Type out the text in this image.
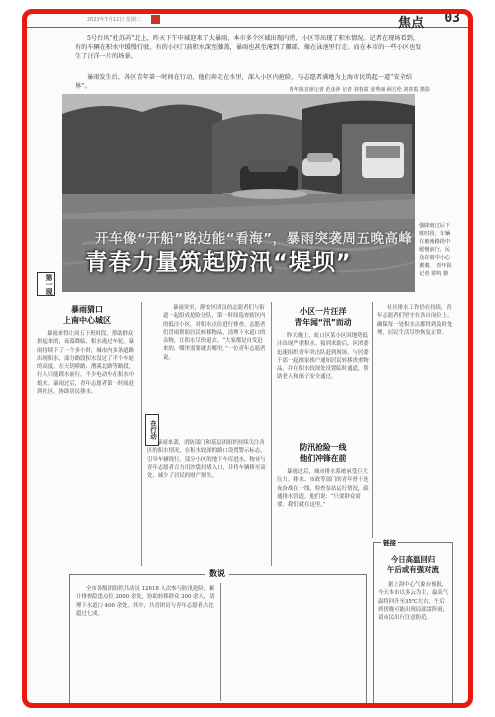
2023年7月12日 星期三	焦点 03

5号台风“杜苏芮”北上，昨天下午申城迎来了大暴雨，本市多个区域出现内涝，小区等出现了积水情况。记者在现场看到，有的车辆在积水中缓慢行驶，有的小区门前积水深至膝盖，暴雨也甚至淹到了腰部，像在泳池里行走。而在本市的一些小区也发生了汪洋一片的场景。

暴雨发生后，各区青年第一时间在行动，他们奔走在水里，深入小区内抢险，与志愿者满地为上海市民筑起一道“安全结界”。	青年报首席记者 范彦萍 记者 刘春霞 姜秀丽 顾方伦 刘春霞 摄影

强降雨过后下班时段，车辆在被淹路段中缓慢前行，民众在雨中小心翼翼。 青年报记者 常鸣 摄

开车像“开船”路边能“看海”，暴雨突袭周五晚高峰
青春力量筑起防汛“堤坝”
第一现
暴雨猜口
上南中心城区

暴雨来得让周五下班时段，帮助群众拼起来的，夜幕降临，积水淹过车轮。暴雨持续下了一个多小时，城市内多条道路出现积水，部分路段积水没过了半个车轮的高度。在天钥桥路、漕溪北路等路段，行人只能蹚水前行，不少电动车在积水中熄火。暴雨过后，青年志愿者第一时间赶到社区，协助居民排水。

在行动

暴雨突至，静安区团员的志愿者们与街道一起组成抢险分队，第一时间巡查辖区内的低洼小区，对积水点位进行排查。志愿者们冒雨帮助居民转移物品，清理下水道口的杂物，让积水尽快退去。“大家都是自发赶来的，哪里需要就去哪里。”一位青年志愿者说。

暴雨来袭，消防部门和基层团组织持续关注各区的积水情况，在积水较深的路口设置警示标志，引导车辆绕行。部分小区的地下车库进水，物业与青年志愿者合力用沙袋封堵入口，并将车辆移至高处，减少了居民的财产损失。

小区一片汪洋
青年闻“汛”而动

昨天晚上，虹口区某小区因地势低洼出现严重积水。接到求助后，区团委迅速组织青年突击队赶到现场，与居委干部一起挨家挨户通知居民转移贵重物品，并在积水较深处设置临时通道，帮助老人和孩子安全通过。

防汛抢险一线
他们冲锋在前

暴雨过后，城市排水系统承受巨大压力。排水、市政等部门的青年骨干连夜奋战在一线，检查泵站运行情况，疏通排水管道。他们说：“只要群众需要，我们就在这里。”

社区排水工作仍在持续，青年志愿者们坚守在各自岗位上，确保每一处积水点都得到及时处理，居民生活尽快恢复正常。

全市各级团组织共动员 12618 人次参与防汛抢险，累计排查隐患点位 2000 余处，协助转移群众 300 余人，清理下水道口 400 余处。其中，共青团员与青年志愿者占比超过七成。

数说
今日高温回归
午后或有强对流

据上海中心气象台预报，今天本市以多云为主，最高气温将回升至35℃左右，午后到傍晚可能出现局部雷阵雨，请市民出行注意防范。

链接
